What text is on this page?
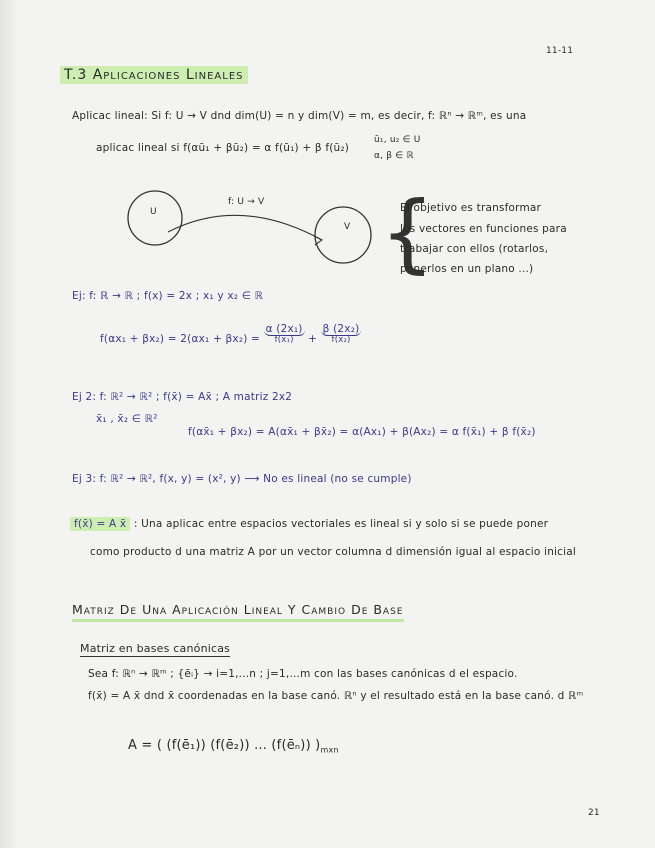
11-11
T.3 Aplicaciones Lineales
Aplicac lineal: Si f: U → V dnd dim(U) = n y dim(V) = m, es decir, f: ℝⁿ → ℝᵐ, es una
aplicac lineal si f(αū₁ + βū₂) = α f(ū₁) + β f(ū₂)
ū₁, u₂ ∈ U
α, β ∈ ℝ
U
V
f: U → V {
El objetivo es transformar
los vectores en funciones para
trabajar con ellos (rotarlos,
ponerlos en un plano ...)
Ej: f: ℝ → ℝ ; f(x) = 2x ; x₁ y x₂ ∈ ℝ
f(αx₁ + βx₂) = 2(αx₁ + βx₂) = α (2x₁)
f(x₁)	+ β (2x₂)
f(x₂)
Ej 2: f: ℝ² → ℝ² ; f(x̄) = Ax̄ ; A matriz 2x2
x̄₁ , x̄₂ ∈ ℝ²
f(αx̄₁ + βx₂) = A(αx̄₁ + βx̄₂) = α(Ax₁) + β(Ax₂) = α f(x̄₁) + β f(x̄₂)
Ej 3: f: ℝ² → ℝ², f(x, y) = (x², y) ⟶ No es lineal (no se cumple)
f(x̄) = A x̄ : Una aplicac entre espacios vectoriales es lineal si y solo si se puede poner
como producto d una matriz A por un vector columna d dimensión igual al espacio inicial
Matriz De Una Aplicación Lineal Y Cambio De Base
Matriz en bases canónicas
Sea f: ℝⁿ → ℝᵐ ; {ēᵢ} → i=1,...n ; j=1,...m con las bases canónicas d el espacio.
f(x̄) = A x̄ dnd x̄ coordenadas en la base canó. ℝⁿ y el resultado está en la base canó. d ℝᵐ
A = ( (f(ē₁)) (f(ē₂)) ... (f(ēₙ)) )$_{mxn}$
21
